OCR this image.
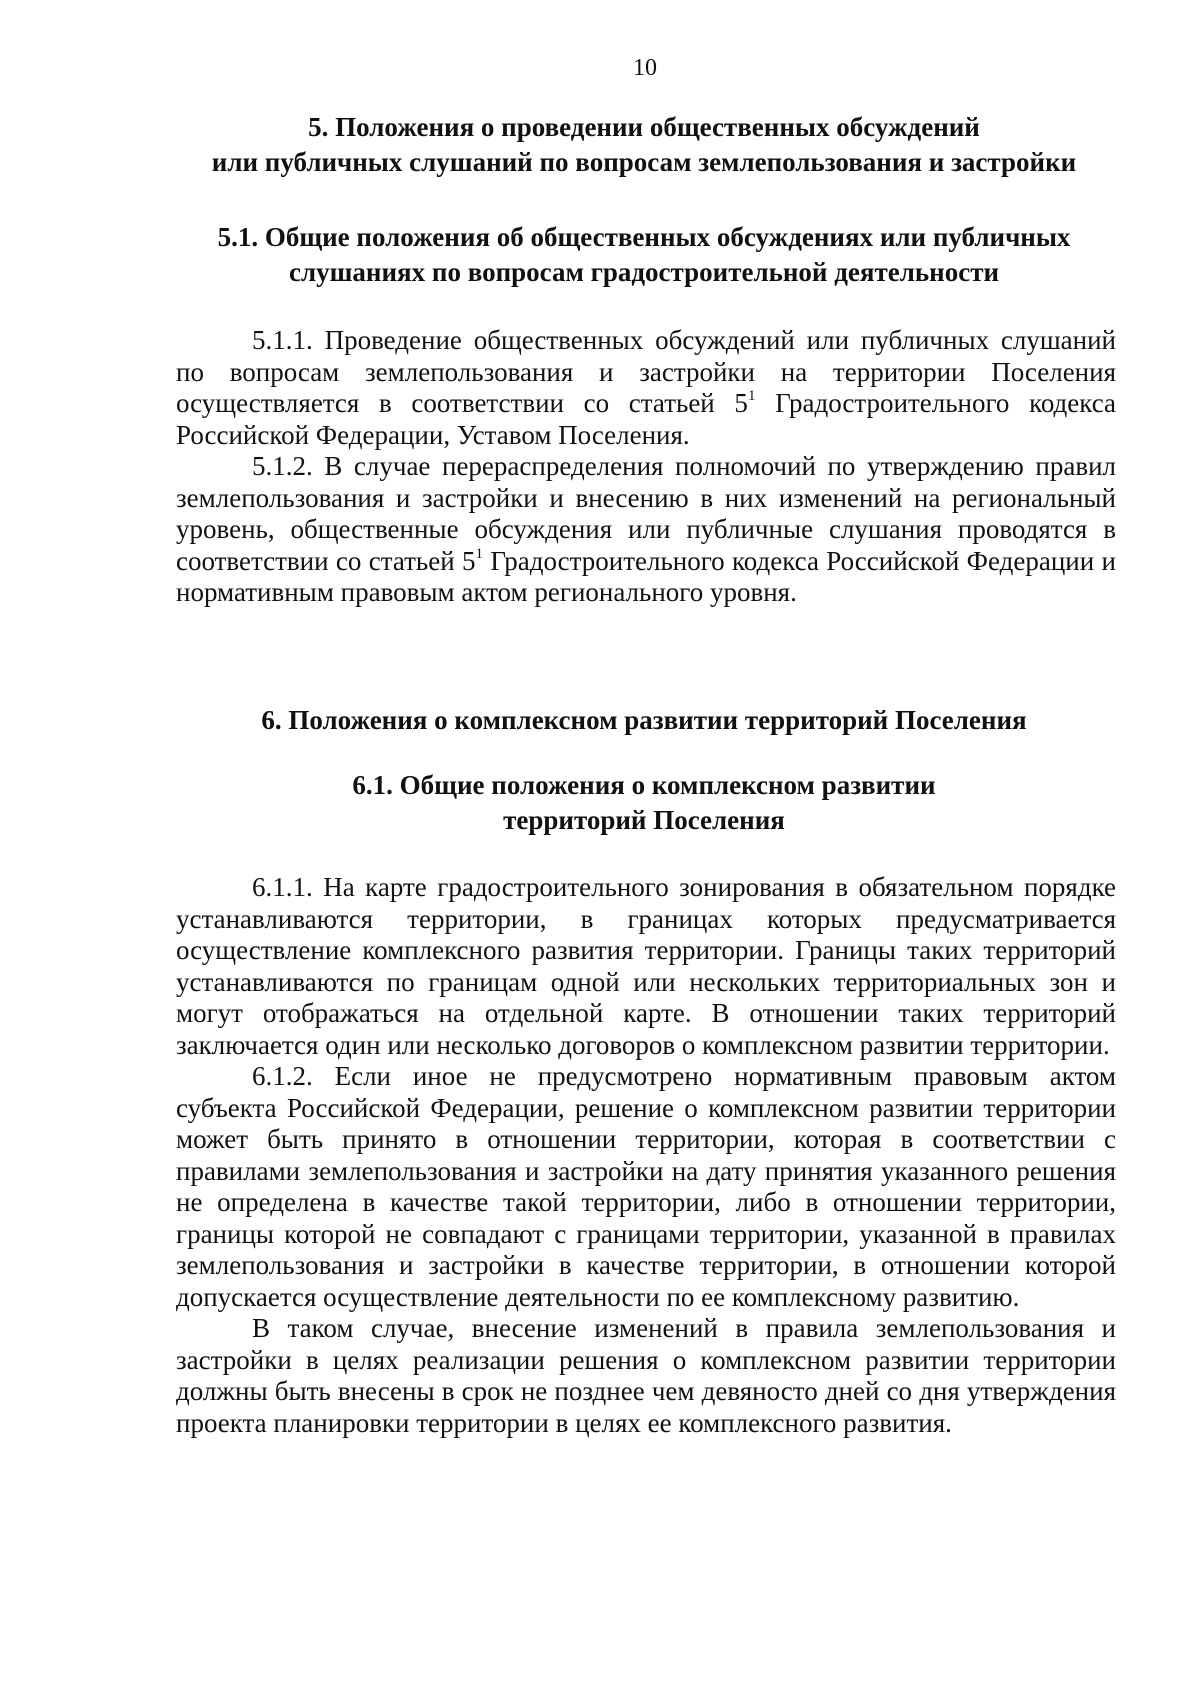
10
5. Положения о проведении общественных обсуждений
или публичных слушаний по вопросам землепользования и застройки
5.1. Общие положения об общественных обсуждениях или публичных
слушаниях по вопросам градостроительной деятельности

5.1.1. Проведение общественных обсуждений или публичных слушаний по вопросам землепользования и застройки на территории Поселения осуществляется в соответствии со статьей $5^1$ Градостроительного кодекса Российской Федерации, Уставом Поселения.

5.1.2. В случае перераспределения полномочий по утверждению правил землепользования и застройки и внесению в них изменений на региональный уровень, общественные обсуждения или публичные слушания проводятся в соответствии со статьей $5^1$ Градостроительного кодекса Российской Федерации и нормативным правовым актом регионального уровня.

6. Положения о комплексном развитии территорий Поселения
6.1. Общие положения о комплексном развитии
территорий Поселения

6.1.1. На карте градостроительного зонирования в обязательном порядке устанавливаются территории, в границах которых предусматривается осуществление комплексного развития территории. Границы таких территорий устанавливаются по границам одной или нескольких территориальных зон и могут отображаться на отдельной карте. В отношении таких территорий заключается один или несколько договоров о комплексном развитии территории.

6.1.2. Если иное не предусмотрено нормативным правовым актом субъекта Российской Федерации, решение о комплексном развитии территории может быть принято в отношении территории, которая в соответствии с правилами землепользования и застройки на дату принятия указанного решения не определена в качестве такой территории, либо в отношении территории, границы которой не совпадают с границами территории, указанной в правилах землепользования и застройки в качестве территории, в отношении которой допускается осуществление деятельности по ее комплексному развитию.

В таком случае, внесение изменений в правила землепользования и застройки в целях реализации решения о комплексном развитии территории должны быть внесены в срок не позднее чем девяносто дней со дня утверждения проекта планировки территории в целях ее комплексного развития.
